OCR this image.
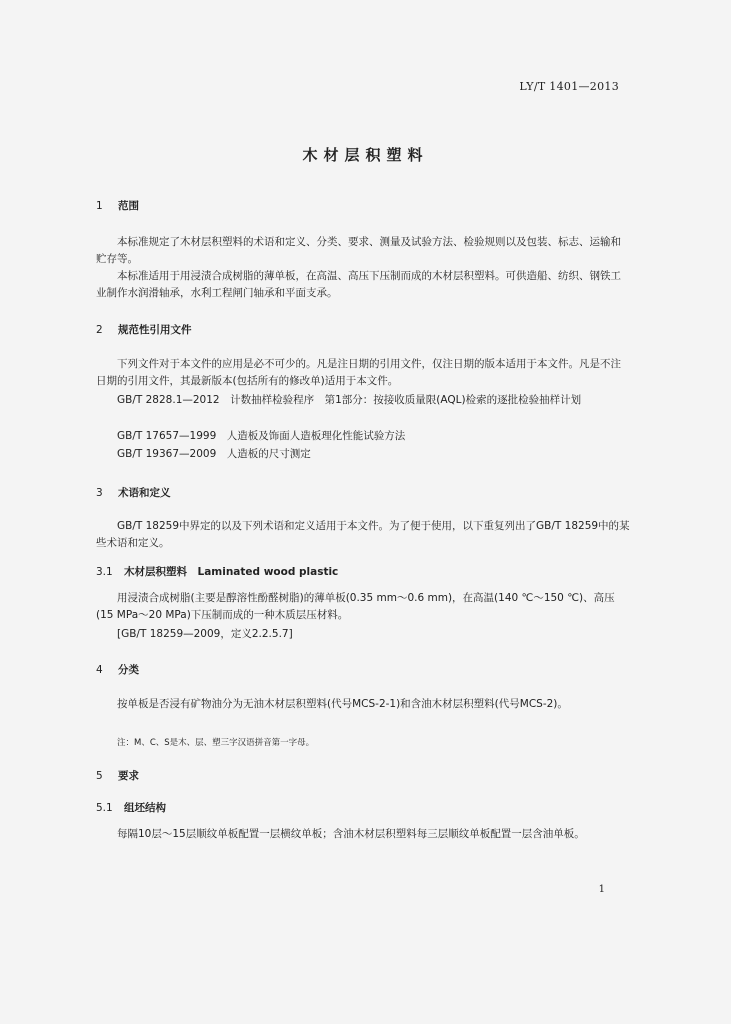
LY/T 1401—2013
木材层积塑料
1 范围
本标准规定了木材层积塑料的术语和定义、分类、要求、测量及试验方法、检验规则以及包装、标志、运输和贮存等。
本标准适用于用浸渍合成树脂的薄单板，在高温、高压下压制而成的木材层积塑料。可供造船、纺织、钢铁工业制作水润滑轴承，水利工程闸门轴承和平面支承。
2 规范性引用文件
下列文件对于本文件的应用是必不可少的。凡是注日期的引用文件，仅注日期的版本适用于本文件。凡是不注日期的引用文件，其最新版本(包括所有的修改单)适用于本文件。
GB/T 2828.1—2012　计数抽样检验程序　第1部分：按接收质量限(AQL)检索的逐批检验抽样计划
GB/T 17657—1999　人造板及饰面人造板理化性能试验方法
GB/T 19367—2009　人造板的尺寸测定
3 术语和定义
GB/T 18259中界定的以及下列术语和定义适用于本文件。为了便于使用，以下重复列出了GB/T 18259中的某些术语和定义。
3.1 木材层积塑料　Laminated wood plastic
用浸渍合成树脂(主要是醇溶性酚醛树脂)的薄单板(0.35 mm～0.6 mm)，在高温(140 ℃～150 ℃)、高压(15 MPa～20 MPa)下压制而成的一种木质层压材料。
[GB/T 18259—2009，定义2.2.5.7]
4 分类
按单板是否浸有矿物油分为无油木材层积塑料(代号MCS-2-1)和含油木材层积塑料(代号MCS-2)。
注：M、C、S是木、层、塑三字汉语拼音第一字母。
5 要求
5.1 组坯结构
每隔10层～15层顺纹单板配置一层横纹单板；含油木材层积塑料每三层顺纹单板配置一层含油单板。
1
